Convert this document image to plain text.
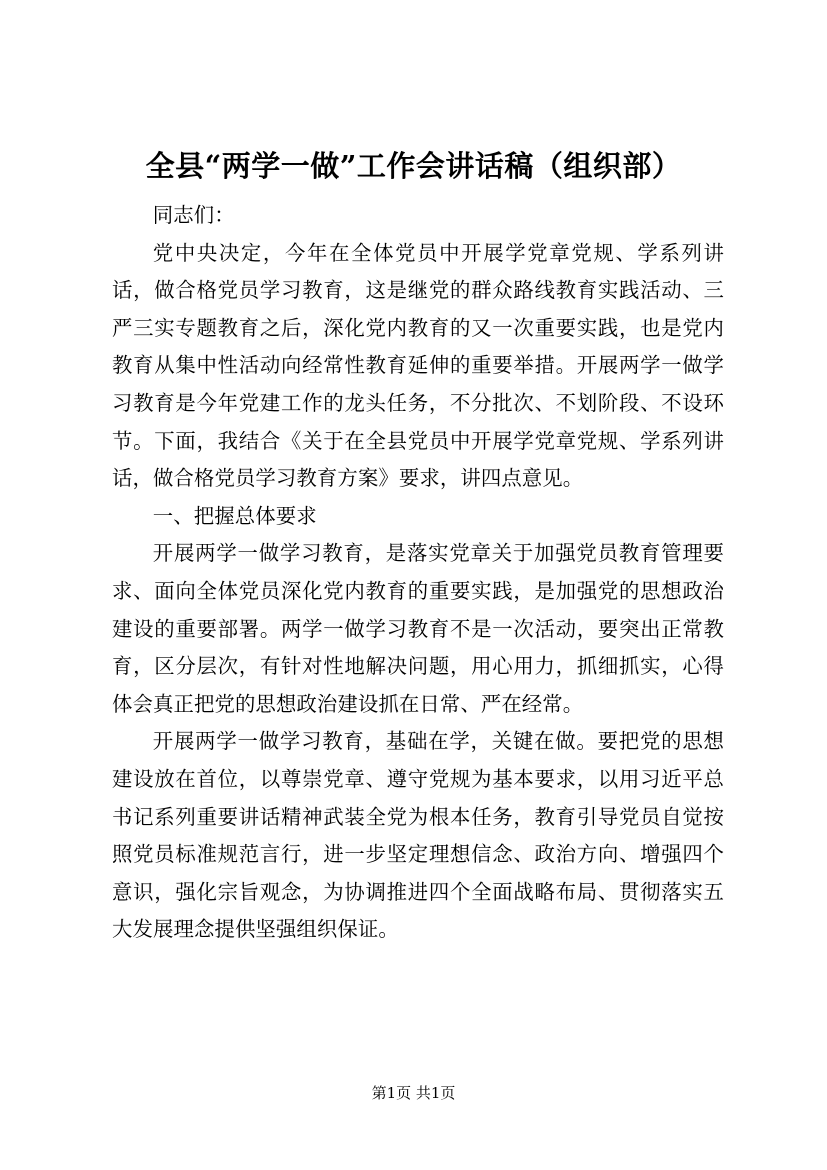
全县“两学一做”工作会讲话稿（组织部）

同志们：

党中央决定，今年在全体党员中开展学党章党规、学系列讲话，做合格党员学习教育，这是继党的群众路线教育实践活动、三严三实专题教育之后，深化党内教育的又一次重要实践，也是党内教育从集中性活动向经常性教育延伸的重要举措。开展两学一做学习教育是今年党建工作的龙头任务，不分批次、不划阶段、不设环节。下面，我结合《关于在全县党员中开展学党章党规、学系列讲话，做合格党员学习教育方案》要求，讲四点意见。

一、把握总体要求

开展两学一做学习教育，是落实党章关于加强党员教育管理要求、面向全体党员深化党内教育的重要实践，是加强党的思想政治建设的重要部署。两学一做学习教育不是一次活动，要突出正常教育，区分层次，有针对性地解决问题，用心用力，抓细抓实，心得体会真正把党的思想政治建设抓在日常、严在经常。

开展两学一做学习教育，基础在学，关键在做。要把党的思想建设放在首位，以尊崇党章、遵守党规为基本要求，以用习近平总书记系列重要讲话精神武装全党为根本任务，教育引导党员自觉按照党员标准规范言行，进一步坚定理想信念、政治方向、增强四个意识，强化宗旨观念，为协调推进四个全面战略布局、贯彻落实五大发展理念提供坚强组织保证。

第1页 共1页
